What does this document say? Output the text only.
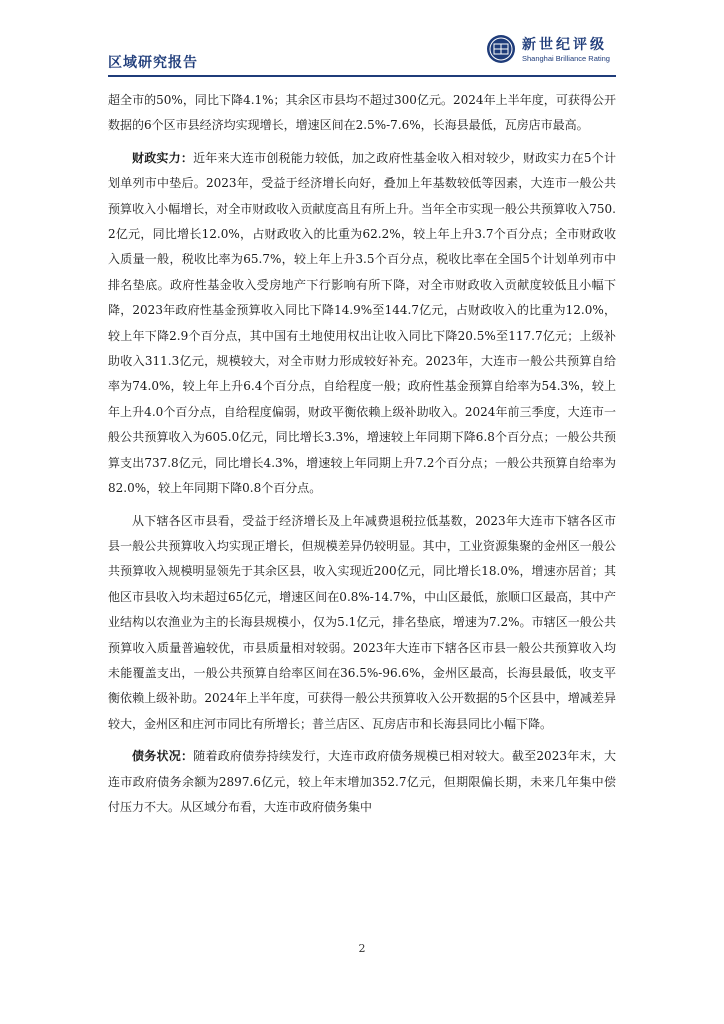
区域研究报告
新世纪评级
Shanghai Brilliance Rating

超全市的50%，同比下降4.1%；其余区市县均不超过300亿元。2024年上半年度，可获得公开数据的6个区市县经济均实现增长，增速区间在2.5%-7.6%，长海县最低，瓦房店市最高。

财政实力：近年来大连市创税能力较低，加之政府性基金收入相对较少，财政实力在5个计划单列市中垫后。2023年，受益于经济增长向好，叠加上年基数较低等因素，大连市一般公共预算收入小幅增长，对全市财政收入贡献度高且有所上升。当年全市实现一般公共预算收入750.2亿元，同比增长12.0%，占财政收入的比重为62.2%，较上年上升3.7个百分点；全市财政收入质量一般，税收比率为65.7%，较上年上升3.5个百分点，税收比率在全国5个计划单列市中排名垫底。政府性基金收入受房地产下行影响有所下降，对全市财政收入贡献度较低且小幅下降，2023年政府性基金预算收入同比下降14.9%至144.7亿元，占财政收入的比重为12.0%，较上年下降2.9个百分点，其中国有土地使用权出让收入同比下降20.5%至117.7亿元；上级补助收入311.3亿元，规模较大，对全市财力形成较好补充。2023年，大连市一般公共预算自给率为74.0%，较上年上升6.4个百分点，自给程度一般；政府性基金预算自给率为54.3%，较上年上升4.0个百分点，自给程度偏弱，财政平衡依赖上级补助收入。2024年前三季度，大连市一般公共预算收入为605.0亿元，同比增长3.3%，增速较上年同期下降6.8个百分点；一般公共预算支出737.8亿元，同比增长4.3%，增速较上年同期上升7.2个百分点；一般公共预算自给率为82.0%，较上年同期下降0.8个百分点。

从下辖各区市县看，受益于经济增长及上年减费退税拉低基数，2023年大连市下辖各区市县一般公共预算收入均实现正增长，但规模差异仍较明显。其中，工业资源集聚的金州区一般公共预算收入规模明显领先于其余区县，收入实现近200亿元，同比增长18.0%，增速亦居首；其他区市县收入均未超过65亿元，增速区间在0.8%-14.7%，中山区最低，旅顺口区最高，其中产业结构以农渔业为主的长海县规模小，仅为5.1亿元，排名垫底，增速为7.2%。市辖区一般公共预算收入质量普遍较优，市县质量相对较弱。2023年大连市下辖各区市县一般公共预算收入均未能覆盖支出，一般公共预算自给率区间在36.5%-96.6%，金州区最高，长海县最低，收支平衡依赖上级补助。2024年上半年度，可获得一般公共预算收入公开数据的5个区县中，增减差异较大，金州区和庄河市同比有所增长；普兰店区、瓦房店市和长海县同比小幅下降。

债务状况：随着政府债券持续发行，大连市政府债务规模已相对较大。截至2023年末，大连市政府债务余额为2897.6亿元，较上年末增加352.7亿元，但期限偏长期，未来几年集中偿付压力不大。从区域分布看，大连市政府债务集中

2
